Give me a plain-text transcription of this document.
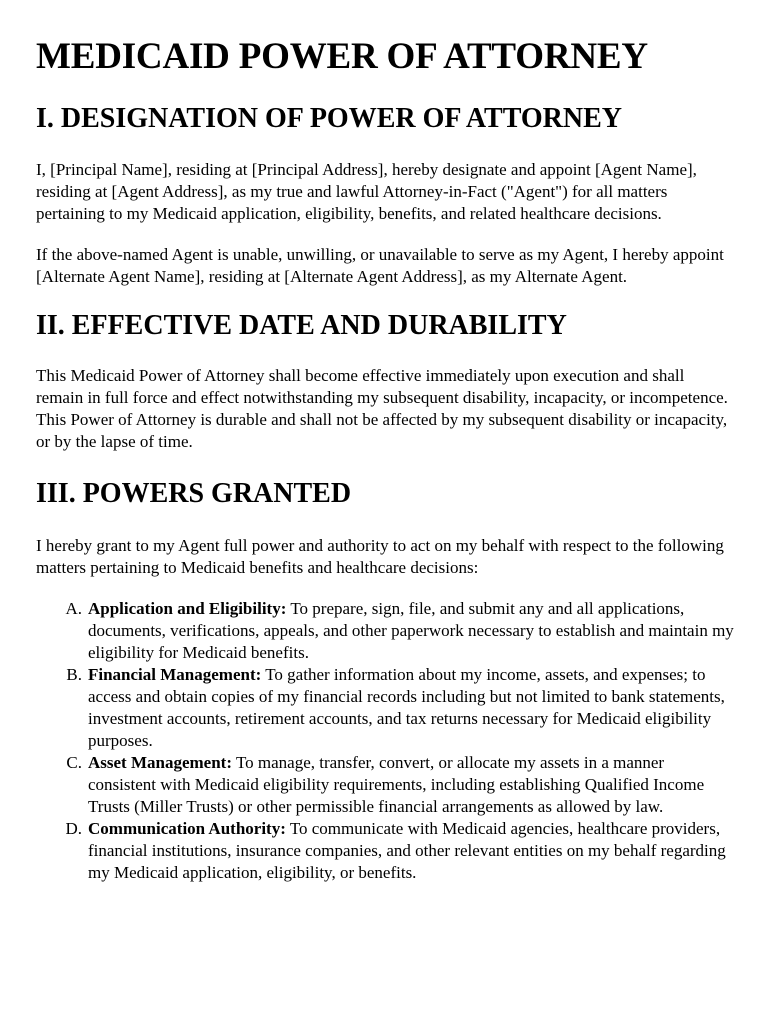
MEDICAID POWER OF ATTORNEY
I. DESIGNATION OF POWER OF ATTORNEY

I, [Principal Name], residing at [Principal Address], hereby designate and appoint [Agent Name], residing at [Agent Address], as my true and lawful Attorney-in-Fact ("Agent") for all matters pertaining to my Medicaid application, eligibility, benefits, and related healthcare decisions.

If the above-named Agent is unable, unwilling, or unavailable to serve as my Agent, I hereby appoint [Alternate Agent Name], residing at [Alternate Agent Address], as my Alternate Agent.

II. EFFECTIVE DATE AND DURABILITY

This Medicaid Power of Attorney shall become effective immediately upon execution and shall remain in full force and effect notwithstanding my subsequent disability, incapacity, or incompetence. This Power of Attorney is durable and shall not be affected by my subsequent disability or incapacity, or by the lapse of time.

III. POWERS GRANTED

I hereby grant to my Agent full power and authority to act on my behalf with respect to the following matters pertaining to Medicaid benefits and healthcare decisions:

A. Application and Eligibility: To prepare, sign, file, and submit any and all applications, documents, verifications, appeals, and other paperwork necessary to establish and maintain my eligibility for Medicaid benefits.
B. Financial Management: To gather information about my income, assets, and expenses; to access and obtain copies of my financial records including but not limited to bank statements, investment accounts, retirement accounts, and tax returns necessary for Medicaid eligibility purposes.
C. Asset Management: To manage, transfer, convert, or allocate my assets in a manner consistent with Medicaid eligibility requirements, including establishing Qualified Income Trusts (Miller Trusts) or other permissible financial arrangements as allowed by law.
D. Communication Authority: To communicate with Medicaid agencies, healthcare providers, financial institutions, insurance companies, and other relevant entities on my behalf regarding my Medicaid application, eligibility, or benefits.
